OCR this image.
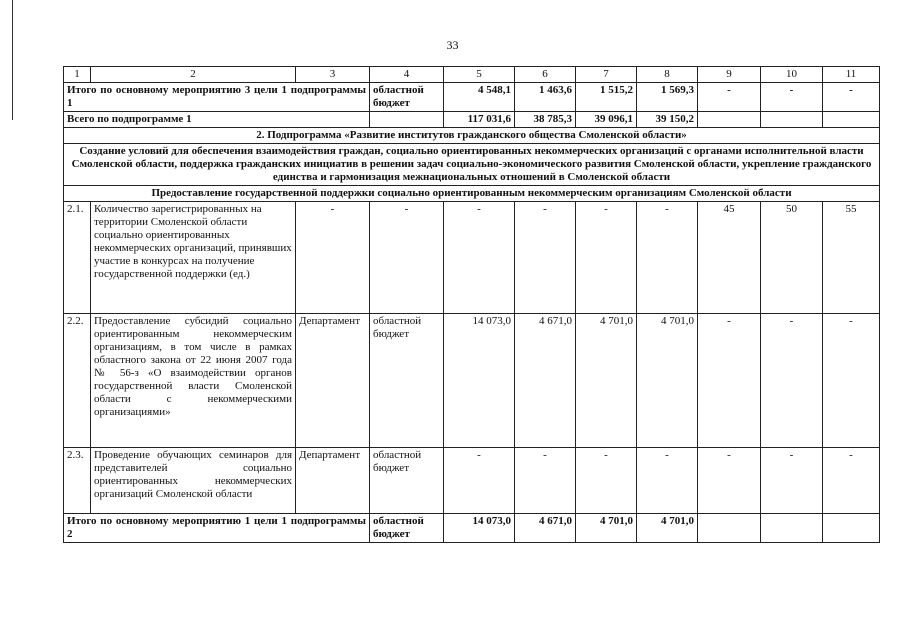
33
1	2	3	4	5	6	7	8	9	10	11
Итого по основному мероприятию 3 цели 1 подпрограммы 1			областной бюджет	4 548,1	1 463,6	1 515,2	1 569,3	-	-	-
Всего по подпрограмме 1				117 031,6	38 785,3	39 096,1	39 150,2			
2. Подпрограмма «Развитие институтов гражданского общества Смоленской области»										
Создание условий для обеспечения взаимодействия граждан, социально ориентированных некоммерческих организаций с органами исполнительной власти Смоленской области, поддержка гражданских инициатив в решении задач социально-экономического развития Смоленской области, укрепление гражданского единства и гармонизация межнациональных отношений в Смоленской области										
Предоставление государственной поддержки социально ориентированным некоммерческим организациям Смоленской области										
2.1.	Количество зарегистрированных на территории Смоленской области социально ориентированных некоммерческих организаций, принявших участие в конкурсах на получение государственной поддержки (ед.)	-	-	-	-	-	-	45	50	55
2.2.	Предоставление субсидий социально ориентированным некоммерческим организациям, в том числе в рамках областного закона от 22 июня 2007 года № 56-з «О взаимодействии органов государственной власти Смоленской области с некоммерческими организациями»	Департамент	областной бюджет	14 073,0	4 671,0	4 701,0	4 701,0	-	-	-
2.3.	Проведение обучающих семинаров для представителей социально ориентированных некоммерческих организаций Смоленской области	Департамент	областной бюджет	-	-	-	-	-	-	-
Итого по основному мероприятию 1 цели 1 подпрограммы 2			областной бюджет	14 073,0	4 671,0	4 701,0	4 701,0			
